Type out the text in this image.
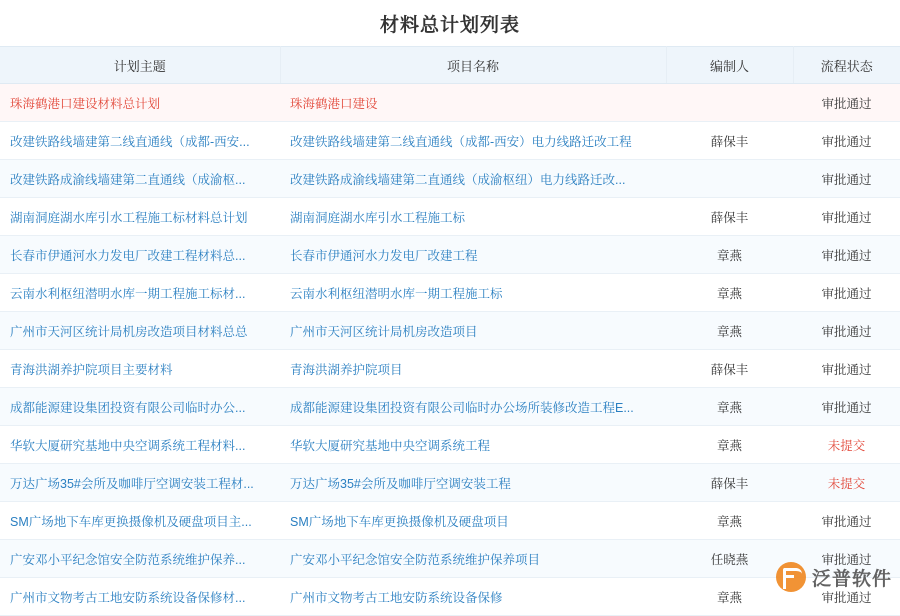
材料总计划列表
计划主题	项目名称	编制人	流程状态
珠海鹤港口建设材料总计划	珠海鹤港口建设		审批通过
改建铁路线墙建第二线直通线（成都-西安...	改建铁路线墙建第二线直通线（成都-西安）电力线路迁改工程	薛保丰	审批通过
改建铁路成渝线墙建第二直通线（成渝枢...	改建铁路成渝线墙建第二直通线（成渝枢纽）电力线路迁改...		审批通过
湖南洞庭湖水库引水工程施工标材料总计划	湖南洞庭湖水库引水工程施工标	薛保丰	审批通过
长春市伊通河水力发电厂改建工程材料总...	长春市伊通河水力发电厂改建工程	章燕	审批通过
云南水利枢纽潜明水库一期工程施工标材...	云南水利枢纽潜明水库一期工程施工标	章燕	审批通过
广州市天河区统计局机房改造项目材料总总	广州市天河区统计局机房改造项目	章燕	审批通过
青海洪湖养护院项目主要材料	青海洪湖养护院项目	薛保丰	审批通过
成都能源建设集团投资有限公司临时办公...	成都能源建设集团投资有限公司临时办公场所装修改造工程E...	章燕	审批通过
华软大厦研究基地中央空调系统工程材料...	华软大厦研究基地中央空调系统工程	章燕	未提交
万达广场35#会所及咖啡厅空调安装工程材...	万达广场35#会所及咖啡厅空调安装工程	薛保丰	未提交
SM广场地下车库更换摄像机及硬盘项目主...	SM广场地下车库更换摄像机及硬盘项目	章燕	审批通过
广安邓小平纪念馆安全防范系统维护保养...	广安邓小平纪念馆安全防范系统维护保养项目	任晓燕	审批通过
广州市文物考古工地安防系统设备保修材...	广州市文物考古工地安防系统设备保修	章燕	审批通过
泛普软件
